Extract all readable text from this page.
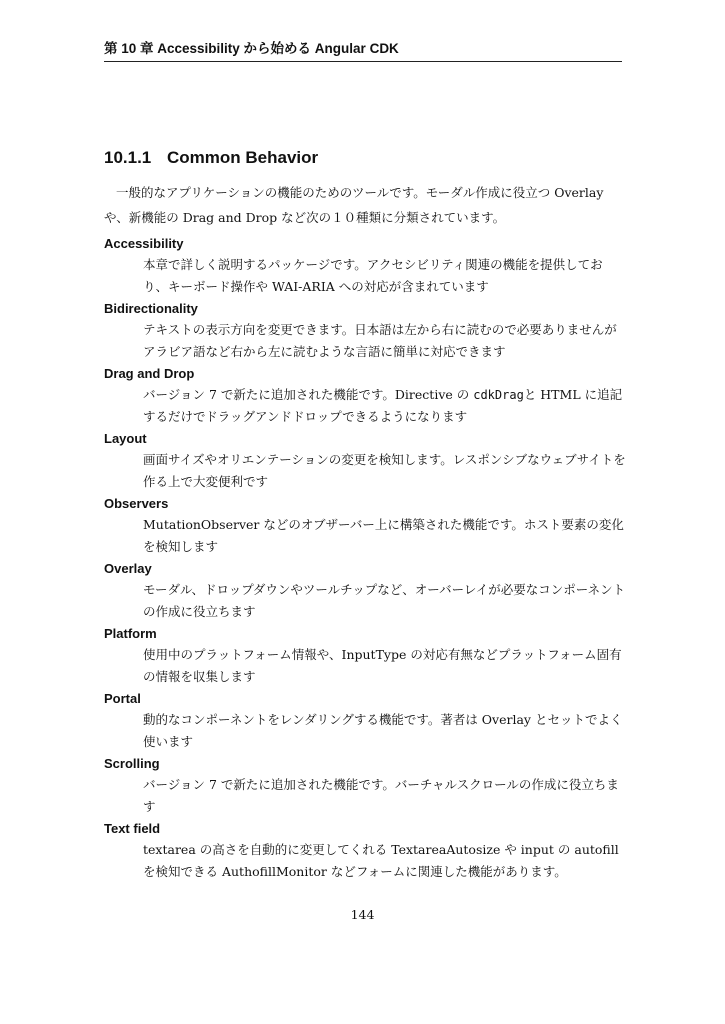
第 10 章 Accessibility から始める Angular CDK
10.1.1 Common Behavior
一般的なアプリケーションの機能のためのツールです。モーダル作成に役立つ Overlay や、新機能の Drag and Drop など次の１０種類に分類されています。
Accessibility
本章で詳しく説明するパッケージです。アクセシビリティ関連の機能を提供しており、キーボード操作や WAI-ARIA への対応が含まれています
Bidirectionality
テキストの表示方向を変更できます。日本語は左から右に読むので必要ありませんがアラビア語など右から左に読むような言語に簡単に対応できます
Drag and Drop
バージョン 7 で新たに追加された機能です。Directive の cdkDragと HTML に追記するだけでドラッグアンドドロップできるようになります
Layout
画面サイズやオリエンテーションの変更を検知します。レスポンシブなウェブサイトを作る上で大変便利です
Observers
MutationObserver などのオブザーバー上に構築された機能です。ホスト要素の変化を検知します
Overlay
モーダル、ドロップダウンやツールチップなど、オーバーレイが必要なコンポーネントの作成に役立ちます
Platform
使用中のプラットフォーム情報や、InputType の対応有無などプラットフォーム固有の情報を収集します
Portal
動的なコンポーネントをレンダリングする機能です。著者は Overlay とセットでよく使います
Scrolling
バージョン 7 で新たに追加された機能です。バーチャルスクロールの作成に役立ちます
Text field
textarea の高さを自動的に変更してくれる TextareaAutosize や input の autofill を検知できる AuthofillMonitor などフォームに関連した機能があります。
144
